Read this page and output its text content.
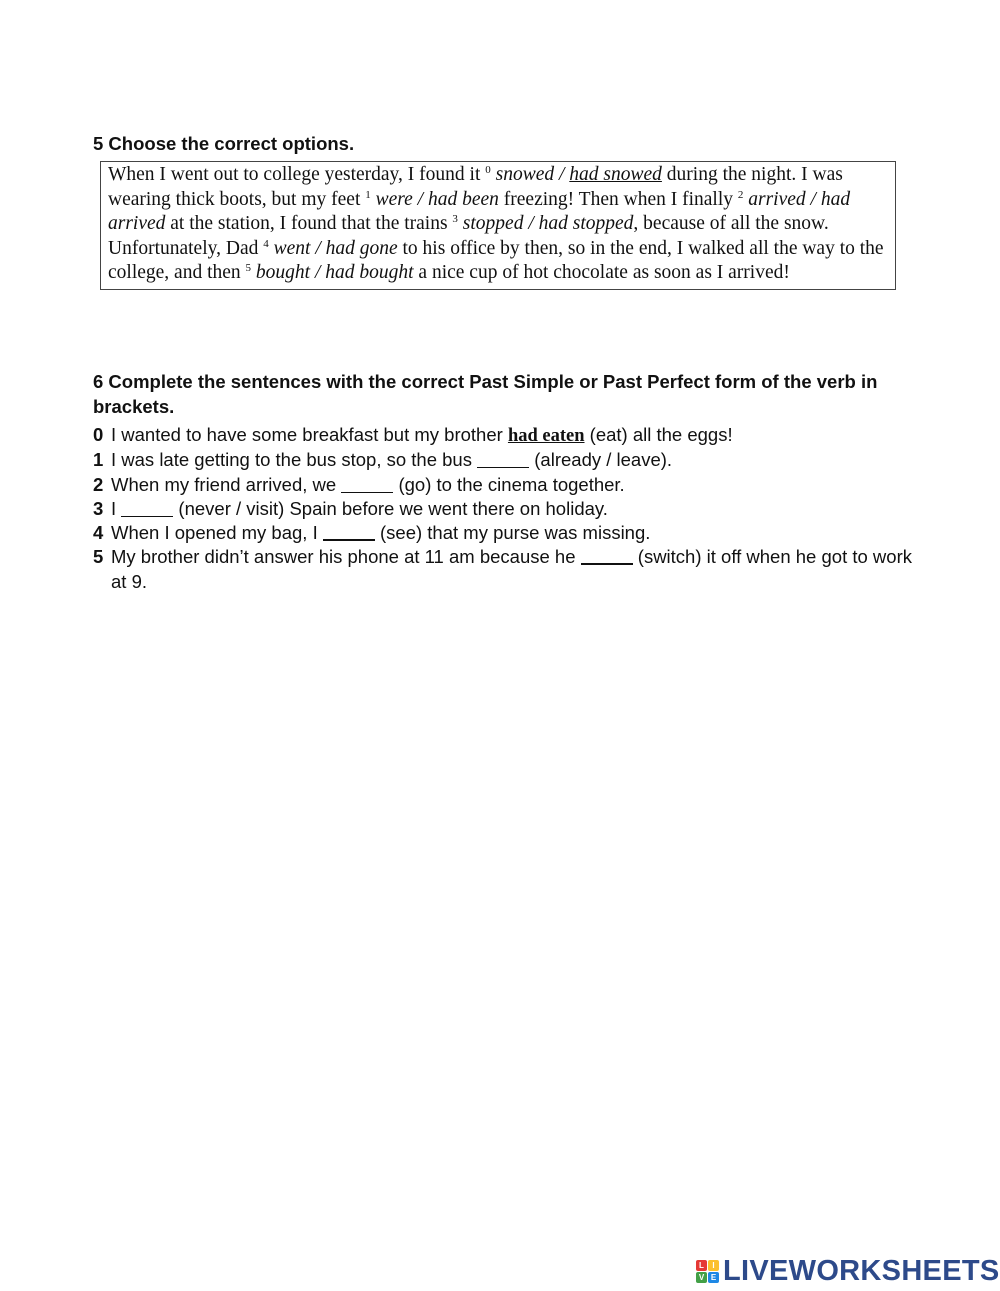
5 Choose the correct options.
When I went out to college yesterday, I found it $^0$ snowed / had snowed during the night. I was wearing thick boots, but my feet $^1$ were / had been freezing! Then when I finally $^2$ arrived / had arrived at the station, I found that the trains $^3$ stopped / had stopped, because of all the snow. Unfortunately, Dad $^4$ went / had gone to his office by then, so in the end, I walked all the way to the college, and then $^5$ bought / had bought a nice cup of hot chocolate as soon as I arrived!
6 Complete the sentences with the correct Past Simple or Past Perfect form of the verb in brackets.
0 I wanted to have some breakfast but my brother had eaten (eat) all the eggs!
1 I was late getting to the bus stop, so the bus	(already / leave).
2 When my friend arrived, we	(go) to the cinema together.
3 I	(never / visit) Spain before we went there on holiday.
4 When I opened my bag, I	(see) that my purse was missing.
5 My brother didn’t answer his phone at 11 am because he	(switch) it off when he got to work at 9.
L	I
V E LIVEWORKSHEETS
